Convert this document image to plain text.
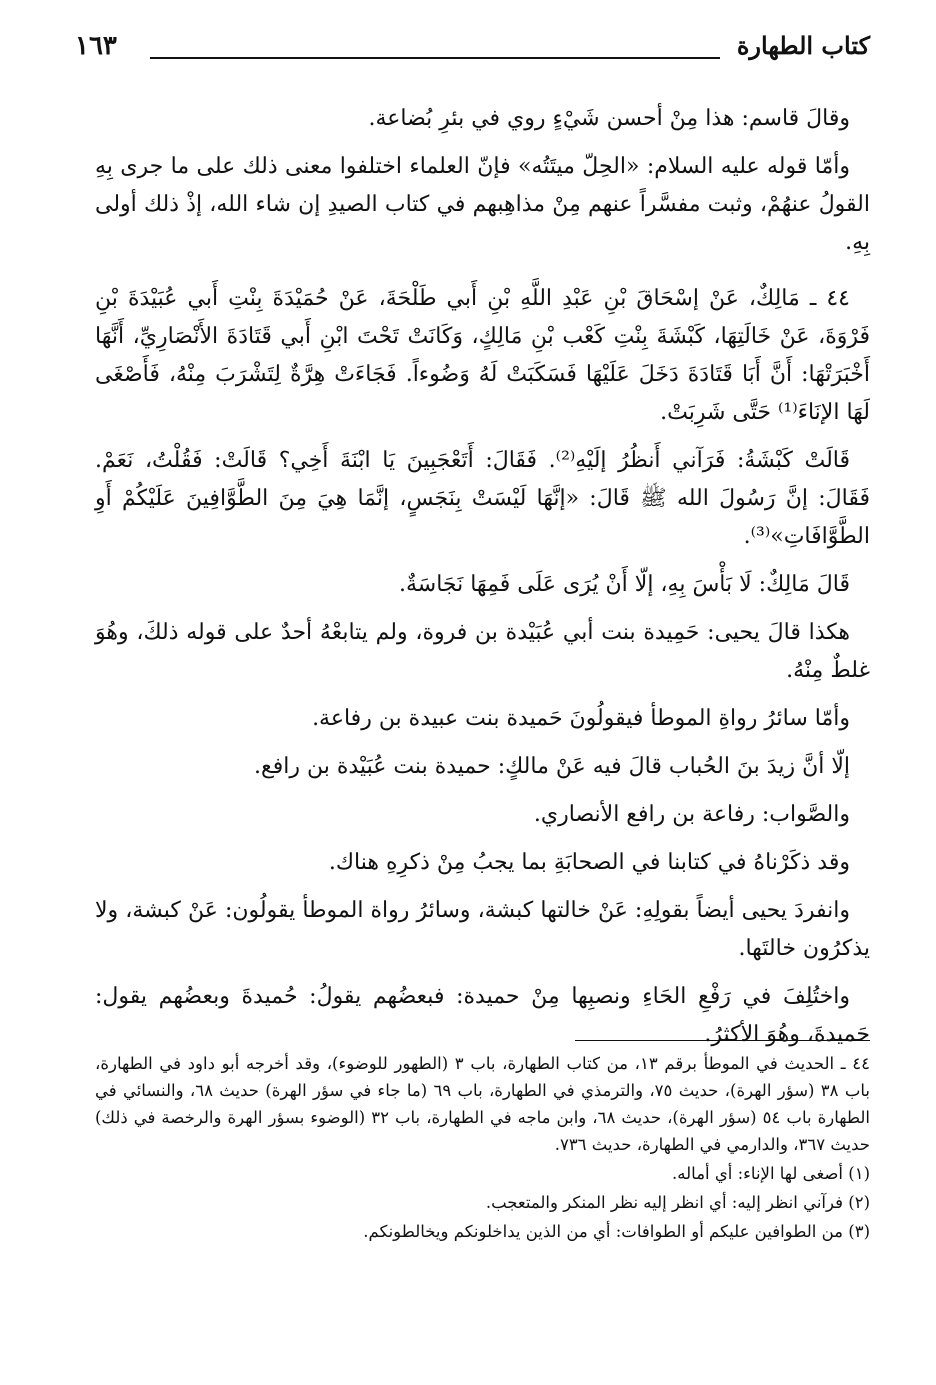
كتاب الطهارة
١٦٣

وقالَ قاسم: هذا مِنْ أحسن شَيْءٍ روي في بئرِ بُضاعة.

وأمّا قوله عليه السلام: «الحِلّ ميتَتُه» فإنّ العلماء اختلفوا معنى ذلك على ما جرى بِهِ القولُ عنهُمْ، وثبت مفسَّراً عنهم مِنْ مذاهِبهم في كتاب الصيدِ إن شاء الله، إذْ ذلك أولى بِهِ.

٤٤ ـ مَالِكٌ، عَنْ إسْحَاقَ بْنِ عَبْدِ اللَّهِ بْنِ أَبي طَلْحَةَ، عَنْ حُمَيْدَةَ بِنْتِ أَبي عُبَيْدَةَ بْنِ فَرْوَةَ، عَنْ خَالَتِهَا، كَبْشَةَ بِنْتِ كَعْب بْنِ مَالِكٍ، وَكَانَتْ تَحْتَ ابْنِ أَبي قَتَادَةَ الأَنْصَارِيِّ، أَنَّهَا أَخْبَرَتْهَا: أَنَّ أَبَا قَتَادَةَ دَخَلَ عَلَيْهَا فَسَكَبَتْ لَهُ وَضُوءاً. فَجَاءَتْ هِرَّةٌ لِتَشْرَبَ مِنْهُ، فَأَصْغَى لَهَا الإنَاءَ⁽¹⁾ حَتَّى شَرِبَتْ.

قَالَتْ كَبْشَةُ: فَرَآني أَنظُرُ إلَيْهِ⁽²⁾. فَقَالَ: أَتَعْجَبِينَ يَا ابْنَةَ أَخِي؟ قَالَتْ: فَقُلْتُ، نَعَمْ. فَقَالَ: إنَّ رَسُولَ الله ﷺ قَالَ: «إنَّهَا لَيْسَتْ بِنَجَسٍ، إنَّمَا هِيَ مِنَ الطَّوَّافِينَ عَلَيْكُمْ أَوِ الطَّوَّافَاتِ»⁽³⁾.

قَالَ مَالِكٌ: لَا بَأْسَ بِهِ، إلّا أَنْ يُرَى عَلَى فَمِهَا نَجَاسَةٌ.

هكذا قالَ يحيى: حَمِيدة بنت أبي عُبَيْدة بن فروة، ولم يتابعْهُ أحدٌ على قوله ذلكَ، وهُوَ غلطٌ مِنْهُ.

وأمّا سائرُ رواةِ الموطأ فيقولُونَ حَميدة بنت عبيدة بن رفاعة.

إلّا أنَّ زيدَ بنَ الحُباب قالَ فيه عَنْ مالكٍ: حميدة بنت عُبَيْدة بن رافع.

والصَّواب: رفاعة بن رافع الأنصاري.

وقد ذكَرْناهُ في كتابنا في الصحابَةِ بما يجبُ مِنْ ذكرِهِ هناك.

وانفردَ يحيى أيضاً بقولِهِ: عَنْ خالتها كبشة، وسائرُ رواة الموطأ يقولُون: عَنْ كبشة، ولا يذكرُون خالتَها.

واختُلِفَ في رَفْعِ الحَاءِ ونصبِها مِنْ حميدة: فبعضُهم يقولُ: حُميدةَ وبعضُهم يقول: حَميدةَ، وهُوَ الأكثرُ.

٤٤ ـ الحديث في الموطأ برقم ١٣، من كتاب الطهارة، باب ٣ (الطهور للوضوء)، وقد أخرجه أبو داود في الطهارة، باب ٣٨ (سؤر الهرة)، حديث ٧٥، والترمذي في الطهارة، باب ٦٩ (ما جاء في سؤر الهرة) حديث ٦٨، والنسائي في الطهارة باب ٥٤ (سؤر الهرة)، حديث ٦٨، وابن ماجه في الطهارة، باب ٣٢ (الوضوء بسؤر الهرة والرخصة في ذلك) حديث ٣٦٧، والدارمي في الطهارة، حديث ٧٣٦.

(١) أصغى لها الإناء: أي أماله.

(٢) فرآني انظر إليه: أي انظر إليه نظر المنكر والمتعجب.

(٣) من الطوافين عليكم أو الطوافات: أي من الذين يداخلونكم ويخالطونكم.
